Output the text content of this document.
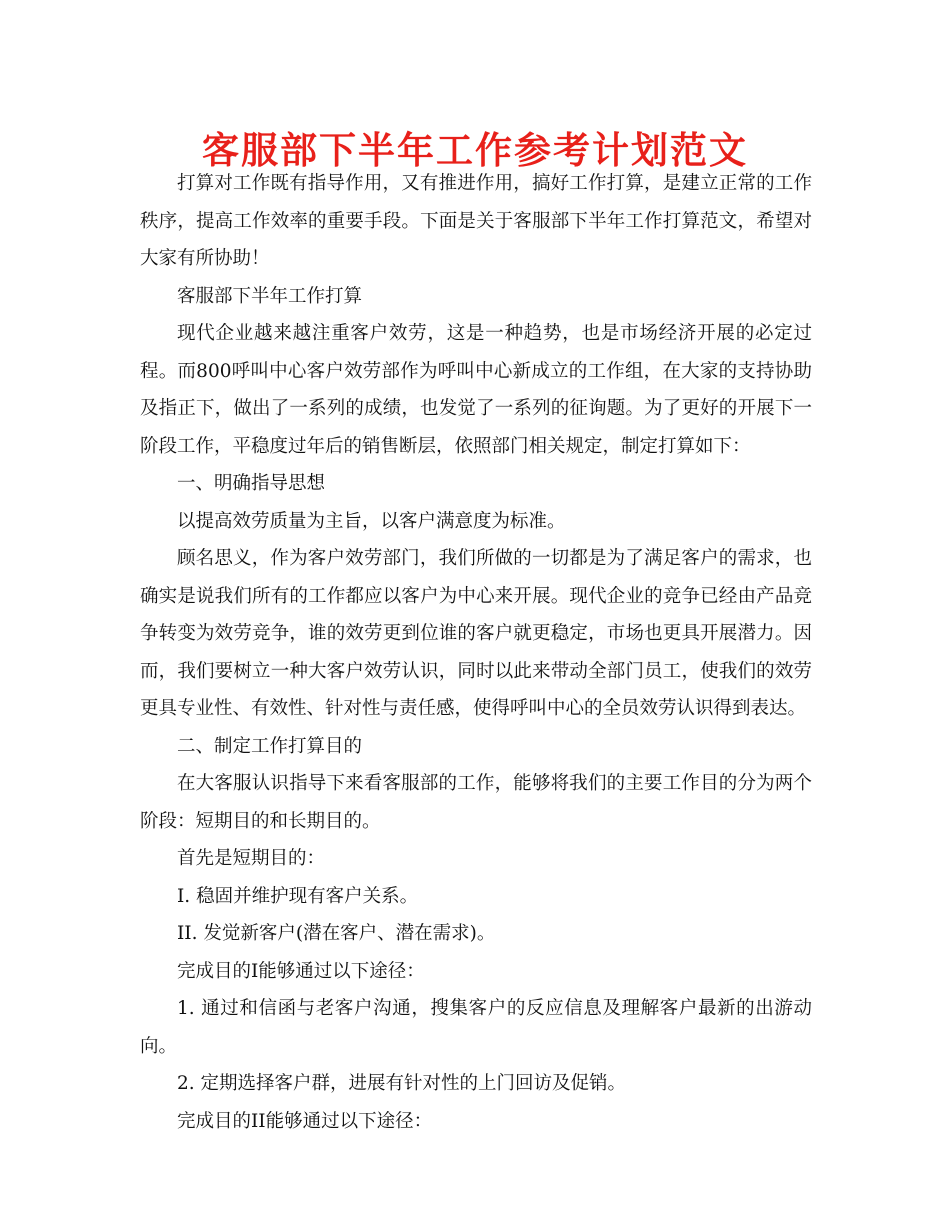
客服部下半年工作参考计划范文

打算对工作既有指导作用，又有推进作用，搞好工作打算，是建立正常的工作秩序，提高工作效率的重要手段。下面是关于客服部下半年工作打算范文，希望对大家有所协助！

客服部下半年工作打算

现代企业越来越注重客户效劳，这是一种趋势，也是市场经济开展的必定过程。而800呼叫中心客户效劳部作为呼叫中心新成立的工作组，在大家的支持协助及指正下，做出了一系列的成绩，也发觉了一系列的征询题。为了更好的开展下一阶段工作，平稳度过年后的销售断层，依照部门相关规定，制定打算如下：

一、明确指导思想

以提高效劳质量为主旨，以客户满意度为标准。

顾名思义，作为客户效劳部门，我们所做的一切都是为了满足客户的需求，也确实是说我们所有的工作都应以客户为中心来开展。现代企业的竞争已经由产品竞争转变为效劳竞争，谁的效劳更到位谁的客户就更稳定，市场也更具开展潜力。因而，我们要树立一种大客户效劳认识，同时以此来带动全部门员工，使我们的效劳更具专业性、有效性、针对性与责任感，使得呼叫中心的全员效劳认识得到表达。

二、制定工作打算目的

在大客服认识指导下来看客服部的工作，能够将我们的主要工作目的分为两个阶段：短期目的和长期目的。

首先是短期目的：

I. 稳固并维护现有客户关系。

II. 发觉新客户(潜在客户、潜在需求)。

完成目的I能够通过以下途径：

1. 通过和信函与老客户沟通，搜集客户的反应信息及理解客户最新的出游动向。

2. 定期选择客户群，进展有针对性的上门回访及促销。

完成目的II能够通过以下途径：
